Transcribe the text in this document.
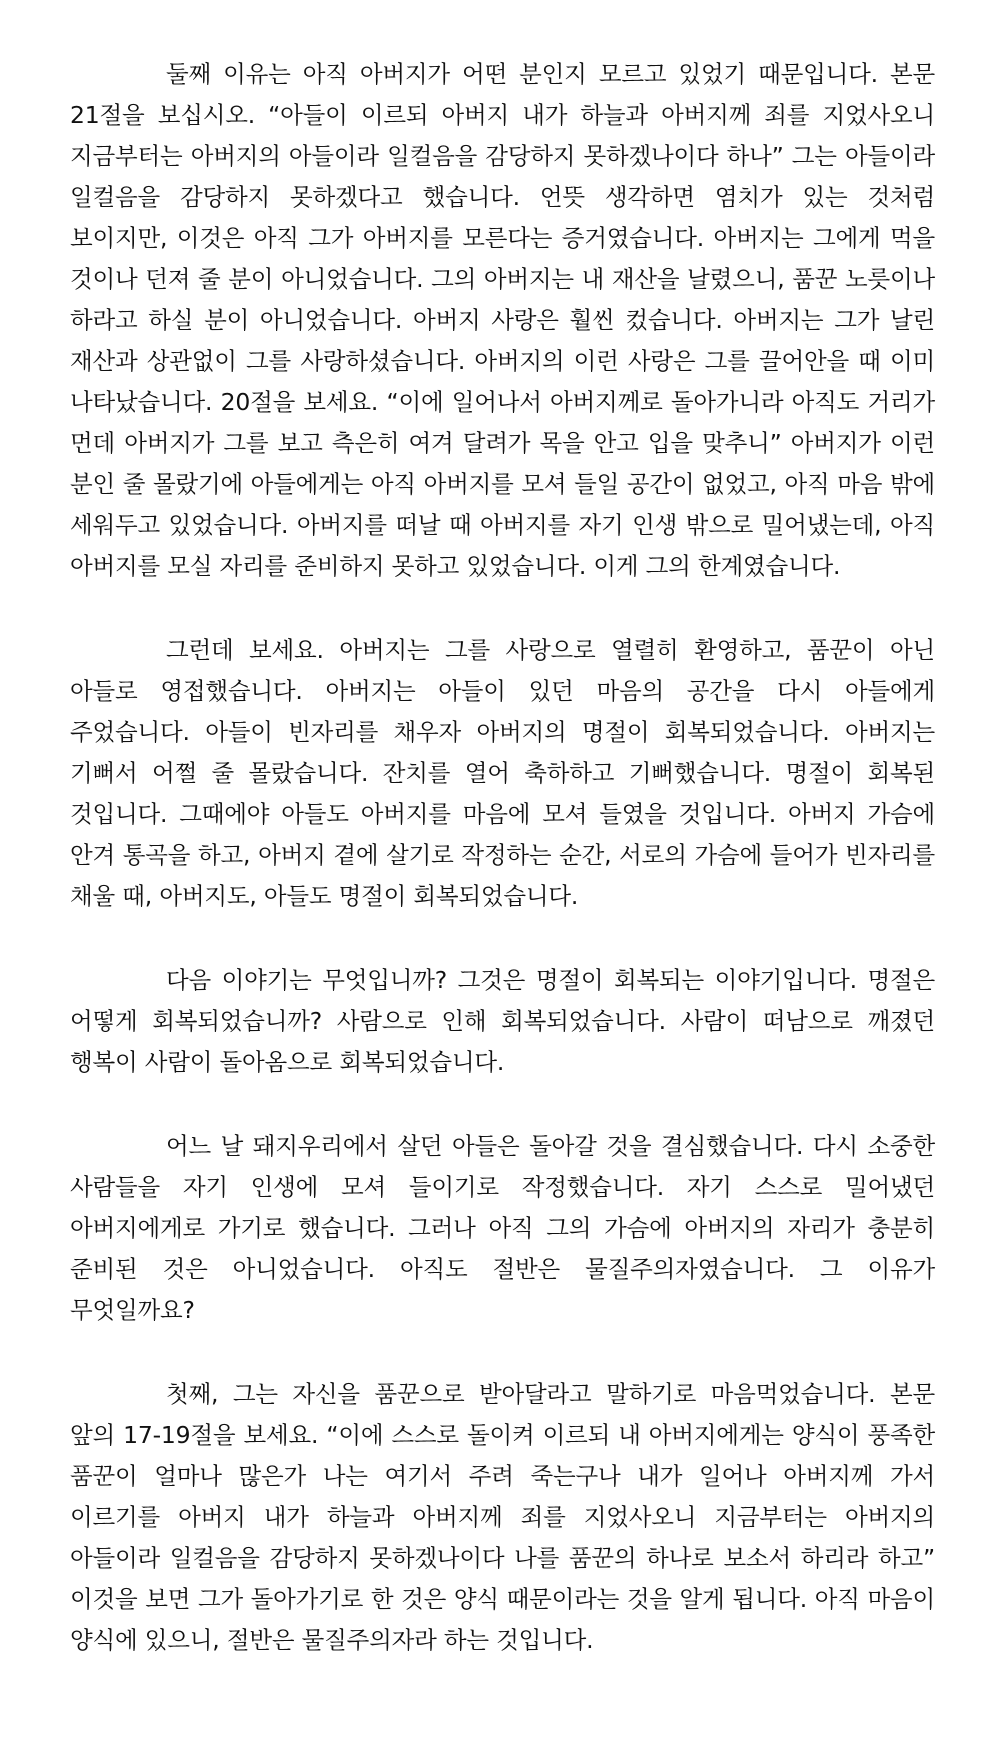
둘째 이유는 아직 아버지가 어떤 분인지 모르고 있었기 때문입니다. 본문 21절을 보십시오. “아들이 이르되 아버지 내가 하늘과 아버지께 죄를 지었사오니 지금부터는 아버지의 아들이라 일컬음을 감당하지 못하겠나이다 하나” 그는 아들이라 일컬음을 감당하지 못하겠다고 했습니다. 언뜻 생각하면 염치가 있는 것처럼 보이지만, 이것은 아직 그가 아버지를 모른다는 증거였습니다. 아버지는 그에게 먹을 것이나 던져 줄 분이 아니었습니다. 그의 아버지는 내 재산을 날렸으니, 품꾼 노릇이나 하라고 하실 분이 아니었습니다. 아버지 사랑은 훨씬 컸습니다. 아버지는 그가 날린 재산과 상관없이 그를 사랑하셨습니다. 아버지의 이런 사랑은 그를 끌어안을 때 이미 나타났습니다. 20절을 보세요. “이에 일어나서 아버지께로 돌아가니라 아직도 거리가 먼데 아버지가 그를 보고 측은히 여겨 달려가 목을 안고 입을 맞추니” 아버지가 이런 분인 줄 몰랐기에 아들에게는 아직 아버지를 모셔 들일 공간이 없었고, 아직 마음 밖에 세워두고 있었습니다. 아버지를 떠날 때 아버지를 자기 인생 밖으로 밀어냈는데, 아직 아버지를 모실 자리를 준비하지 못하고 있었습니다. 이게 그의 한계였습니다.

그런데 보세요. 아버지는 그를 사랑으로 열렬히 환영하고, 품꾼이 아닌 아들로 영접했습니다. 아버지는 아들이 있던 마음의 공간을 다시 아들에게 주었습니다. 아들이 빈자리를 채우자 아버지의 명절이 회복되었습니다. 아버지는 기뻐서 어쩔 줄 몰랐습니다. 잔치를 열어 축하하고 기뻐했습니다. 명절이 회복된 것입니다. 그때에야 아들도 아버지를 마음에 모셔 들였을 것입니다. 아버지 가슴에 안겨 통곡을 하고, 아버지 곁에 살기로 작정하는 순간, 서로의 가슴에 들어가 빈자리를 채울 때, 아버지도, 아들도 명절이 회복되었습니다.

다음 이야기는 무엇입니까? 그것은 명절이 회복되는 이야기입니다. 명절은 어떻게 회복되었습니까? 사람으로 인해 회복되었습니다. 사람이 떠남으로 깨졌던 행복이 사람이 돌아옴으로 회복되었습니다.

어느 날 돼지우리에서 살던 아들은 돌아갈 것을 결심했습니다. 다시 소중한 사람들을 자기 인생에 모셔 들이기로 작정했습니다. 자기 스스로 밀어냈던 아버지에게로 가기로 했습니다. 그러나 아직 그의 가슴에 아버지의 자리가 충분히 준비된 것은 아니었습니다. 아직도 절반은 물질주의자였습니다. 그 이유가 무엇일까요?

첫째, 그는 자신을 품꾼으로 받아달라고 말하기로 마음먹었습니다. 본문 앞의 17-19절을 보세요. “이에 스스로 돌이켜 이르되 내 아버지에게는 양식이 풍족한 품꾼이 얼마나 많은가 나는 여기서 주려 죽는구나 내가 일어나 아버지께 가서 이르기를 아버지 내가 하늘과 아버지께 죄를 지었사오니 지금부터는 아버지의 아들이라 일컬음을 감당하지 못하겠나이다 나를 품꾼의 하나로 보소서 하리라 하고” 이것을 보면 그가 돌아가기로 한 것은 양식 때문이라는 것을 알게 됩니다. 아직 마음이 양식에 있으니, 절반은 물질주의자라 하는 것입니다.
